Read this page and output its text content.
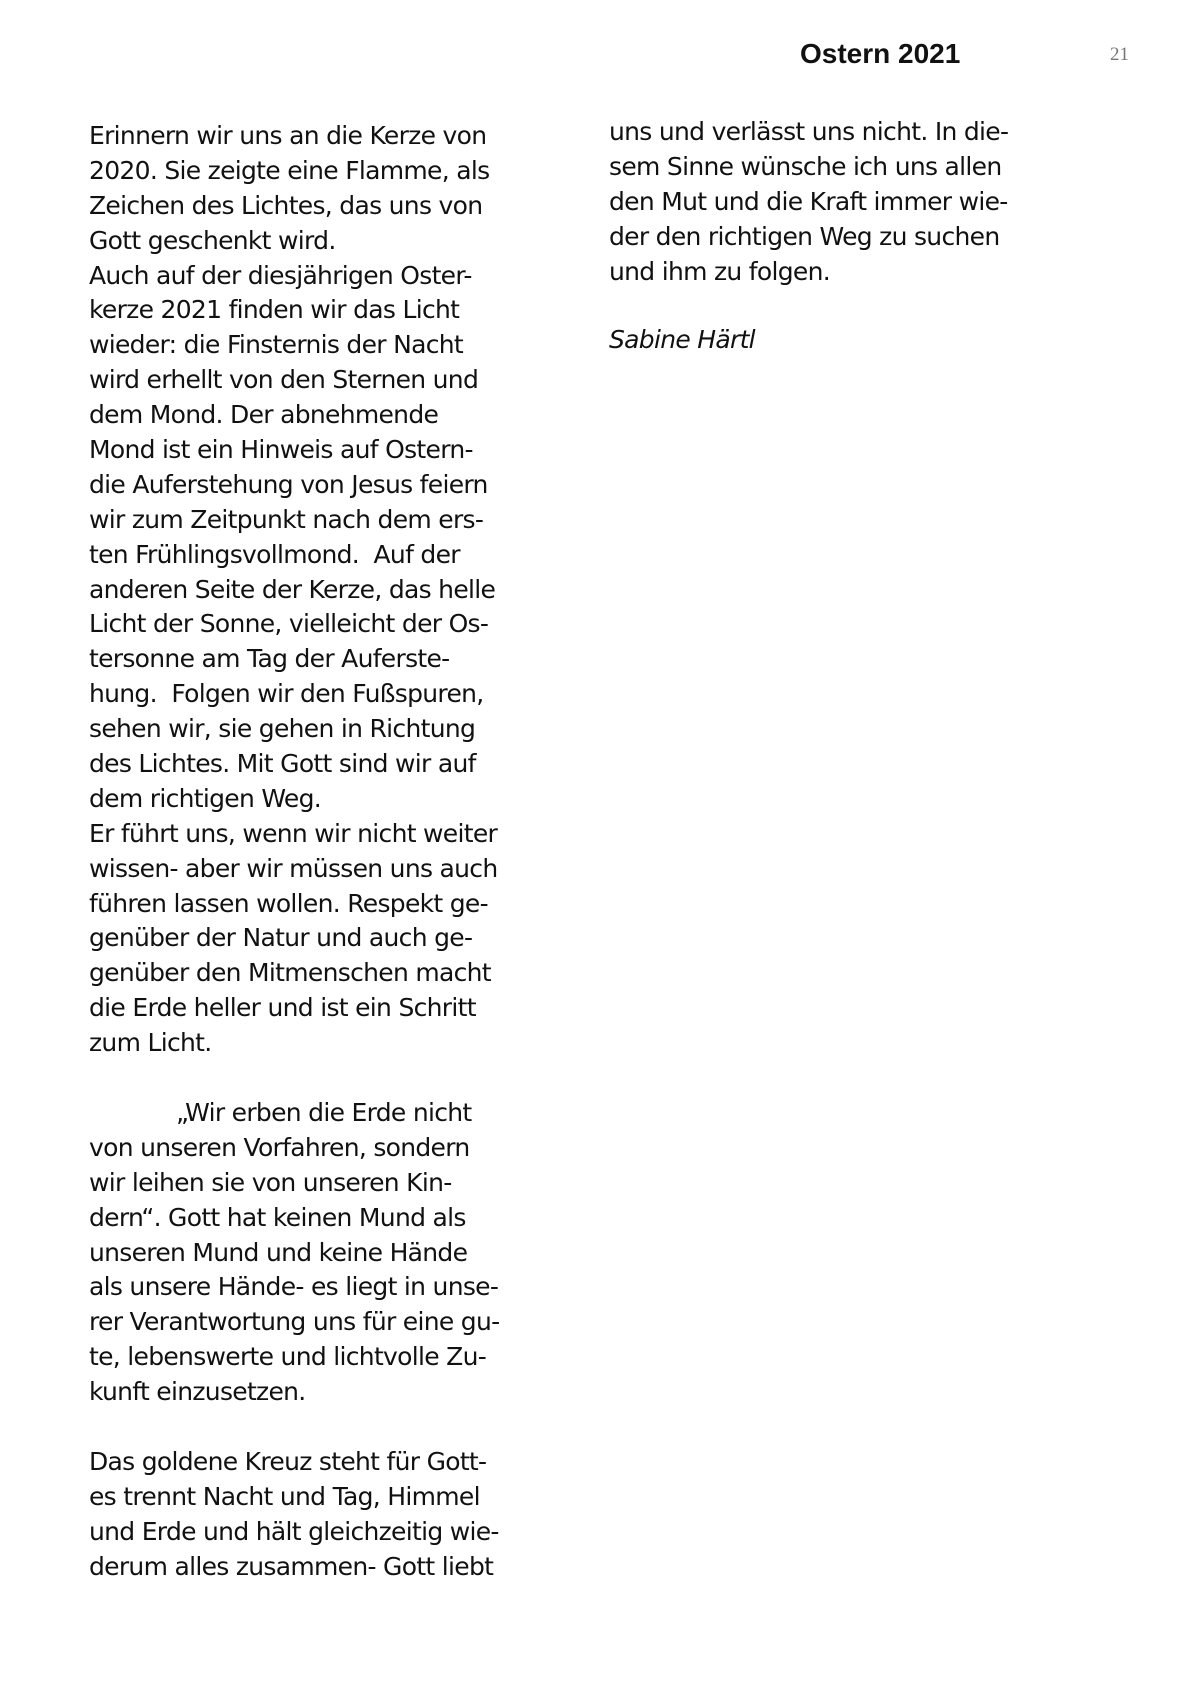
Ostern 2021	21
Erinnern wir uns an die Kerze von
2020. Sie zeigte eine Flamme, als
Zeichen des Lichtes, das uns von
Gott geschenkt wird.
Auch auf der diesjährigen Oster-
kerze 2021 finden wir das Licht
wieder: die Finsternis der Nacht
wird erhellt von den Sternen und
dem Mond. Der abnehmende
Mond ist ein Hinweis auf Ostern-
die Auferstehung von Jesus feiern
wir zum Zeitpunkt nach dem ers-
ten Frühlingsvollmond.  Auf der
anderen Seite der Kerze, das helle
Licht der Sonne, vielleicht der Os-
tersonne am Tag der Auferste-
hung.  Folgen wir den Fußspuren,
sehen wir, sie gehen in Richtung
des Lichtes. Mit Gott sind wir auf
dem richtigen Weg.
Er führt uns, wenn wir nicht weiter
wissen- aber wir müssen uns auch
führen lassen wollen. Respekt ge-
genüber der Natur und auch ge-
genüber den Mitmenschen macht
die Erde heller und ist ein Schritt
zum Licht.
„Wir erben die Erde nicht
von unseren Vorfahren, sondern
wir leihen sie von unseren Kin-
dern“. Gott hat keinen Mund als
unseren Mund und keine Hände
als unsere Hände- es liegt in unse-
rer Verantwortung uns für eine gu-
te, lebenswerte und lichtvolle Zu-
kunft einzusetzen.
Das goldene Kreuz steht für Gott-
es trennt Nacht und Tag, Himmel
und Erde und hält gleichzeitig wie-
derum alles zusammen- Gott liebt
uns und verlässt uns nicht. In die-
sem Sinne wünsche ich uns allen
den Mut und die Kraft immer wie-
der den richtigen Weg zu suchen
und ihm zu folgen.
Sabine Härtl
